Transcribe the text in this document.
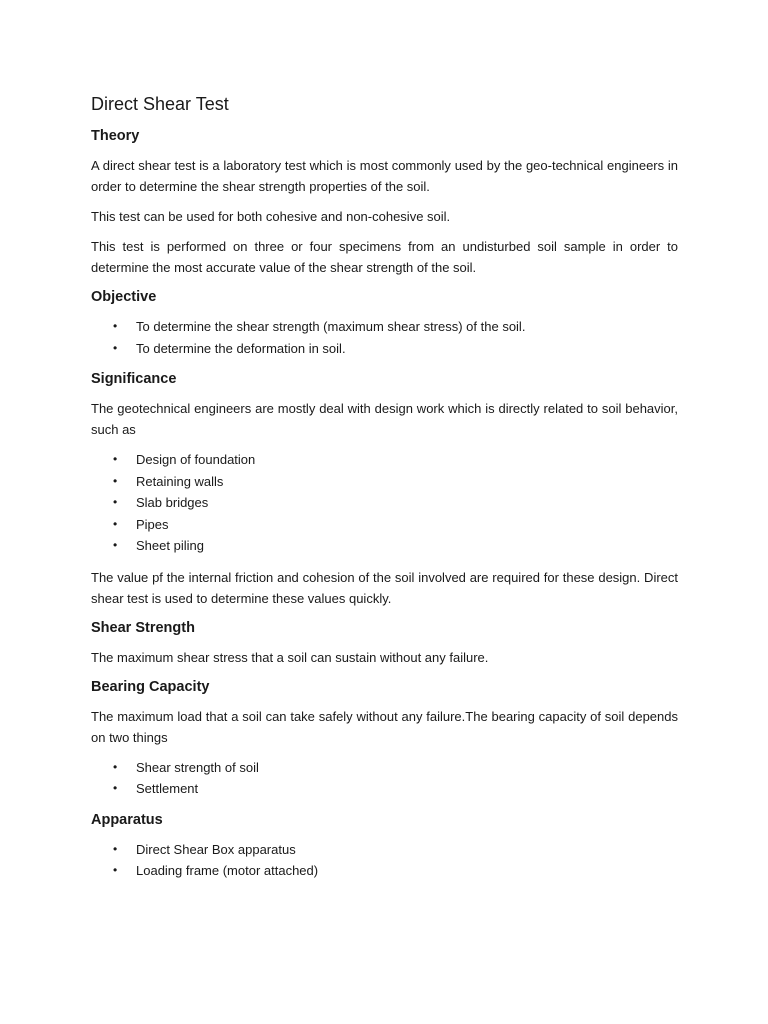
Direct Shear Test
Theory

A direct shear test is a laboratory test which is most commonly used by the geo-technical engineers in order to determine the shear strength properties of the soil.

This test can be used for both cohesive and non-cohesive soil.

This test is performed on three or four specimens from an undisturbed soil sample in order to determine the most accurate value of the shear strength of the soil.

Objective
• To determine the shear strength (maximum shear stress) of the soil.
• To determine the deformation in soil.
Significance

The geotechnical engineers are mostly deal with design work which is directly related to soil behavior, such as

• Design of foundation
• Retaining walls
• Slab bridges
• Pipes
• Sheet piling

The value pf the internal friction and cohesion of the soil involved are required for these design. Direct shear test is used to determine these values quickly.

Shear Strength

The maximum shear stress that a soil can sustain without any failure.

Bearing Capacity

The maximum load that a soil can take safely without any failure.The bearing capacity of soil depends on two things

• Shear strength of soil
• Settlement
Apparatus
• Direct Shear Box apparatus
• Loading frame (motor attached)
